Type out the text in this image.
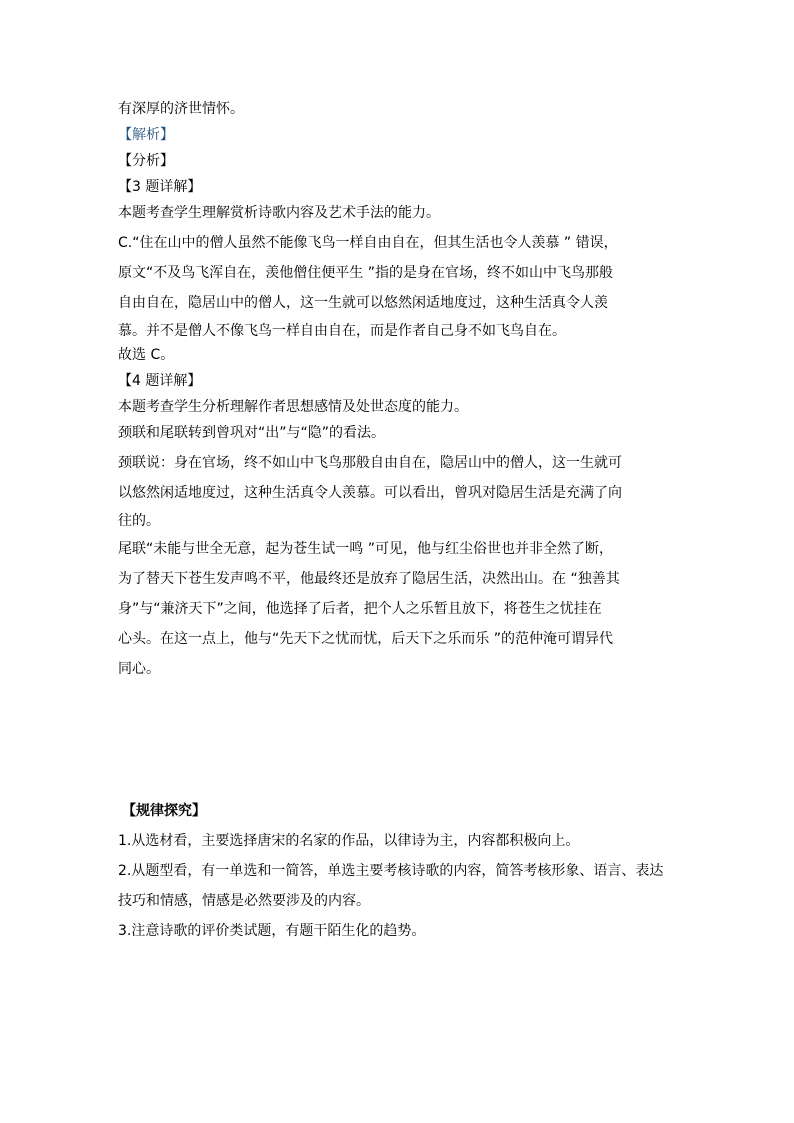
有深厚的济世情怀。

【解析】

【分析】

【3 题详解】

本题考查学生理解赏析诗歌内容及艺术手法的能力。

C.“住在山中的僧人虽然不能像飞鸟一样自由自在，但其生活也令人羡慕 ” 错误，

原文“不及鸟飞浑自在，羡他僧住便平生 ”指的是身在官场，终不如山中飞鸟那般

自由自在，隐居山中的僧人，这一生就可以悠然闲适地度过，这种生活真令人羡

慕。并不是僧人不像飞鸟一样自由自在，而是作者自己身不如飞鸟自在。

故选 C。

【4 题详解】

本题考查学生分析理解作者思想感情及处世态度的能力。

颈联和尾联转到曾巩对“出”与“隐”的看法。

颈联说：身在官场，终不如山中飞鸟那般自由自在，隐居山中的僧人，这一生就可

以悠然闲适地度过，这种生活真令人羡慕。可以看出，曾巩对隐居生活是充满了向

往的。

尾联“未能与世全无意，起为苍生试一鸣 ”可见，他与红尘俗世也并非全然了断，

为了替天下苍生发声鸣不平，他最终还是放弃了隐居生活，决然出山。在 “独善其

身”与“兼济天下”之间，他选择了后者，把个人之乐暂且放下，将苍生之忧挂在

心头。在这一点上，他与“先天下之忧而忧，后天下之乐而乐 ”的范仲淹可谓异代

同心。

【规律探究】

1.从选材看，主要选择唐宋的名家的作品，以律诗为主，内容都积极向上。

2.从题型看，有一单选和一简答，单选主要考核诗歌的内容，简答考核形象、语言、表达

技巧和情感，情感是必然要涉及的内容。

3.注意诗歌的评价类试题，有题干陌生化的趋势。
